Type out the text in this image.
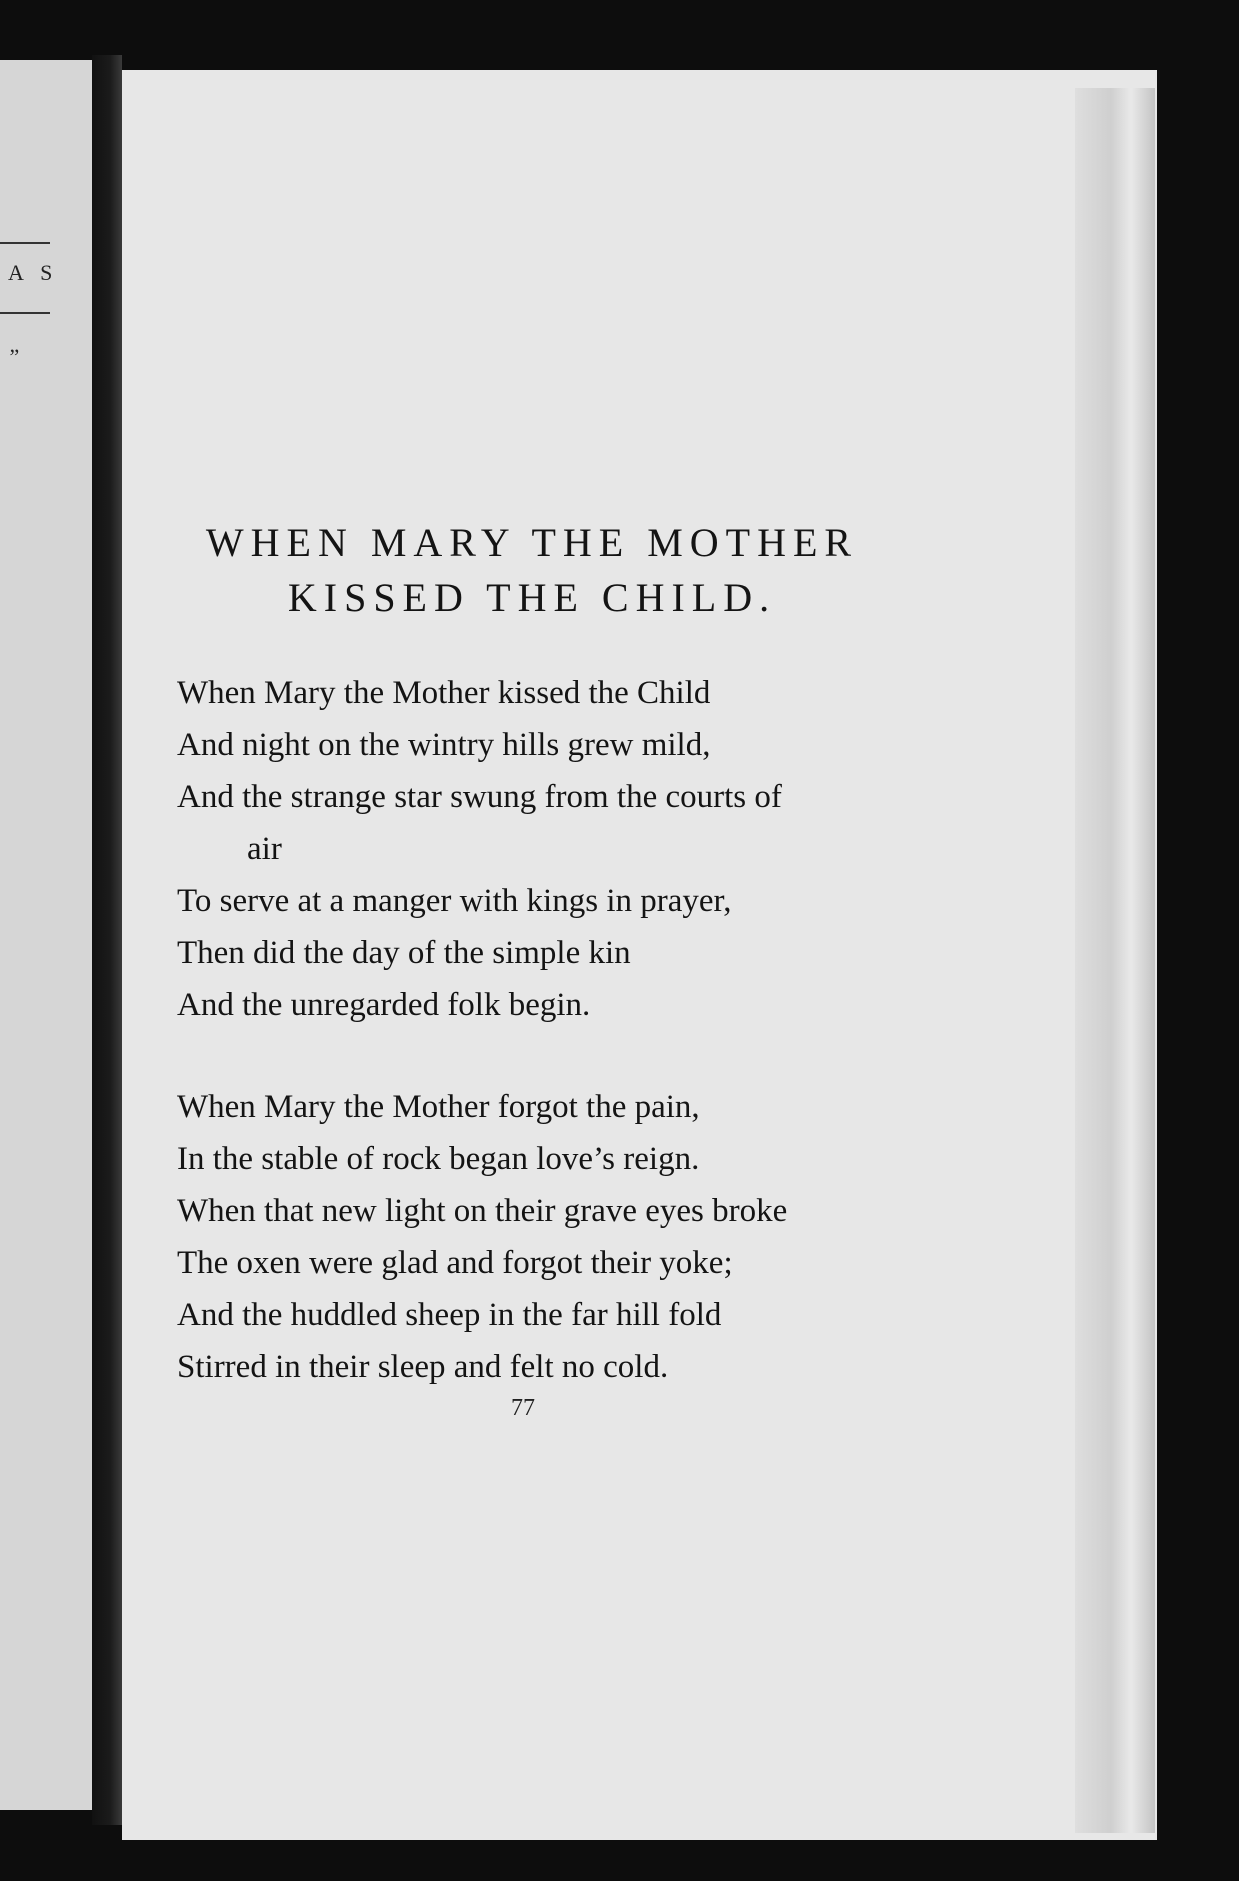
A S
”
WHEN MARY THE MOTHER
KISSED THE CHILD.
When Mary the Mother kissed the Child
And night on the wintry hills grew mild,
And the strange star swung from the courts of
air
To serve at a manger with kings in prayer,
Then did the day of the simple kin
And the unregarded folk begin.
When Mary the Mother forgot the pain,
In the stable of rock began love’s reign.
When that new light on their grave eyes broke
The oxen were glad and forgot their yoke;
And the huddled sheep in the far hill fold
Stirred in their sleep and felt no cold.
77
